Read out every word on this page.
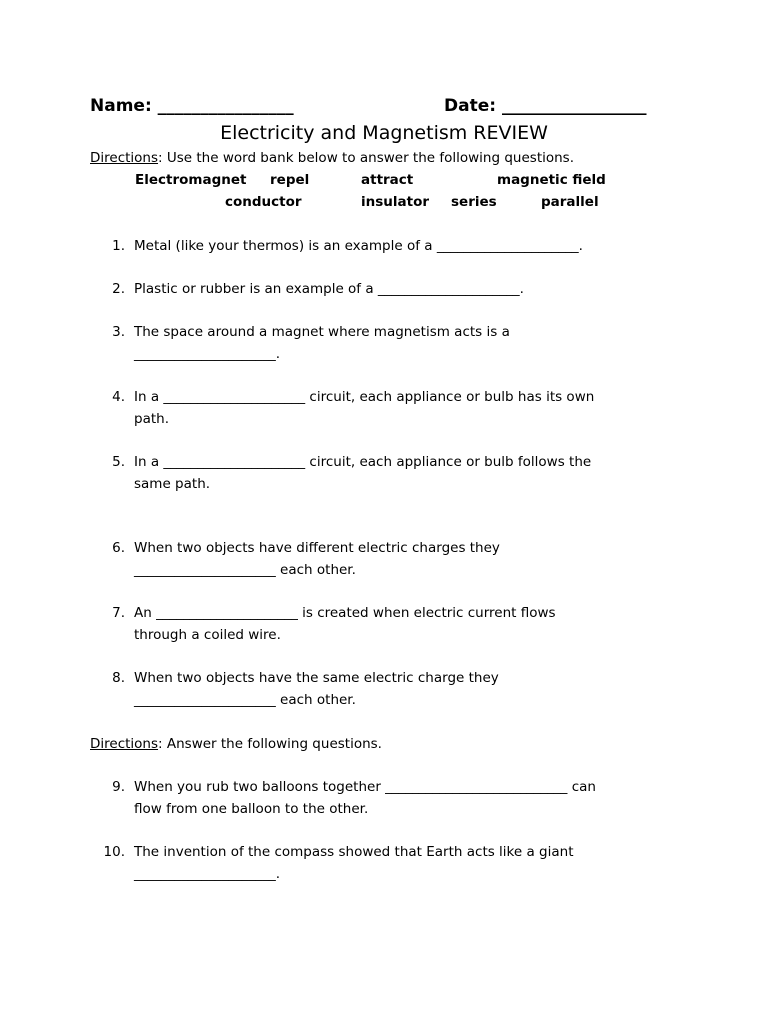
Name: ________________	Date: _________________
Electricity and Magnetism REVIEW
Directions: Use the word bank below to answer the following questions.
Electromagnet repel	attract	magnetic field
conductor	insulator series	parallel
1. Metal (like your thermos) is an example of a _____________________.
2. Plastic or rubber is an example of a _____________________.
3. The space around a magnet where magnetism acts is a
_____________________.
4. In a _____________________ circuit, each appliance or bulb has its own
path.
5. In a _____________________ circuit, each appliance or bulb follows the
same path.
6. When two objects have different electric charges they
_____________________ each other.
7. An _____________________ is created when electric current flows
through a coiled wire.
8. When two objects have the same electric charge they
_____________________ each other.
Directions: Answer the following questions.
9. When you rub two balloons together ___________________________ can
flow from one balloon to the other.
10. The invention of the compass showed that Earth acts like a giant
_____________________.
